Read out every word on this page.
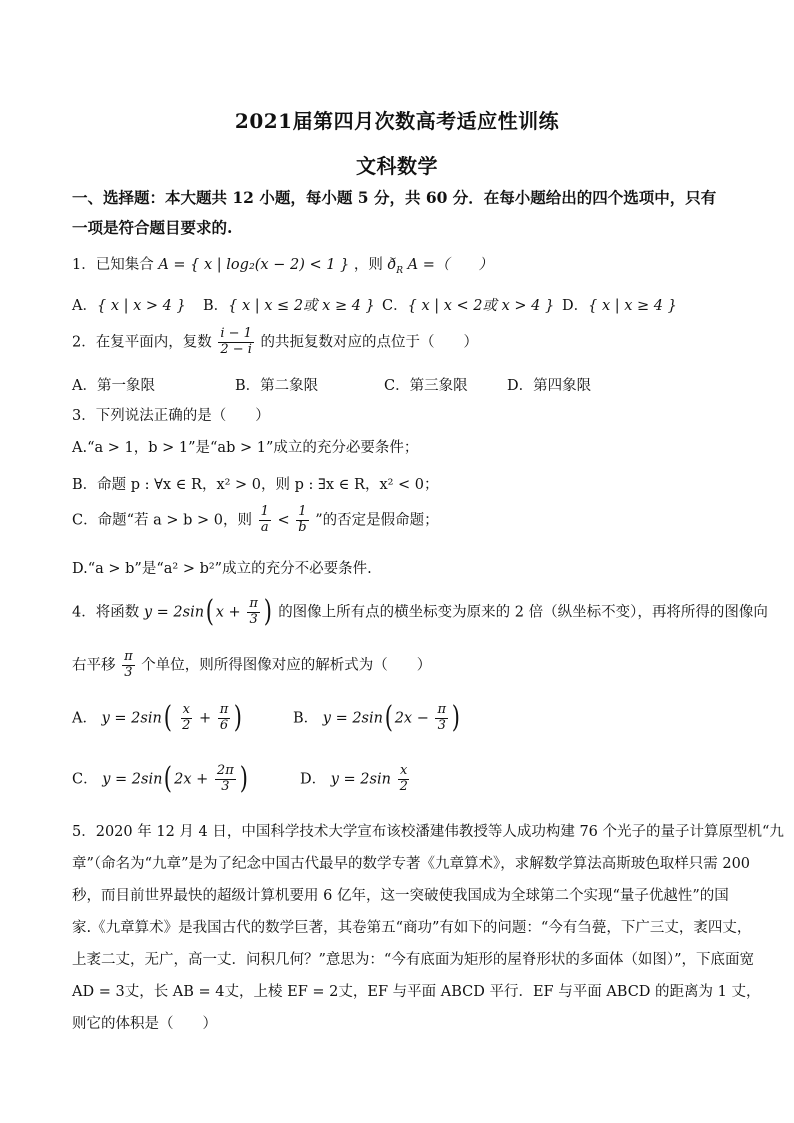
2021届第四月次数高考适应性训练
文科数学
一、选择题：本大题共 12 小题，每小题 5 分，共 60 分．在每小题给出的四个选项中，只有
一项是符合题目要求的.
1．已知集合 A = { x | log₂(x − 2) < 1 } ，则 $ð_R$ A =（　　）
A．{ x | x > 4 } B．{ x | x ≤ 2或 x ≥ 4 } C．{ x | x < 2或 x > 4 } D．{ x | x ≥ 4 }
2．在复平面内，复数 $\frac{i - 1}{2 - i}$ 的共扼复数对应的点位于（　　）
A．第一象限	B．第二象限	C．第三象限	D．第四象限
3．下列说法正确的是（　　）
A.“a > 1，b > 1”是“ab > 1”成立的充分必要条件；
B．命题 p : ∀x ∈ R，x² > 0，则 p : ∃x ∈ R，x² < 0；
C．命题“若 a > b > 0，则 $\frac{1}{a} < \frac{1}{b}$ ”的否定是假命题；
D.“a > b”是“a² > b²”成立的充分不必要条件.
4．将函数 y = 2sin( $x + \frac{\pi}{3}$ ) 的图像上所有点的横坐标变为原来的 2 倍（纵坐标不变），再将所得的图像向
右平移 $\frac{\pi}{3}$ 个单位，则所得图像对应的解析式为（　　）
A． $y = 2\sin( \frac{x}{2} + \frac{\pi}{6}$ )	B． y = 2sin( $2x - \frac{\pi}{3}$ )
C． y = 2sin( $2x + \frac{2\pi}{3}$ )	D． $y = 2\sin \frac{x}{2}$
5．2020 年 12 月 4 日，中国科学技术大学宣布该校潘建伟教授等人成功构建 76 个光子的量子计算原型机“九
章”（命名为“九章”是为了纪念中国古代最早的数学专著《九章算术》，求解数学算法高斯玻色取样只需 200
秒，而目前世界最快的超级计算机要用 6 亿年，这一突破使我国成为全球第二个实现“量子优越性”的国
家.《九章算术》是我国古代的数学巨著，其卷第五“商功”有如下的问题：“今有刍甍，下广三丈，袤四丈，
上袤二丈，无广，高一丈．问积几何？”意思为：“今有底面为矩形的屋脊形状的多面体（如图）”，下底面宽
AD = 3丈，长 AB = 4丈，上棱 EF = 2丈，EF 与平面 ABCD 平行．EF 与平面 ABCD 的距离为 1 丈，
则它的体积是（　　）
